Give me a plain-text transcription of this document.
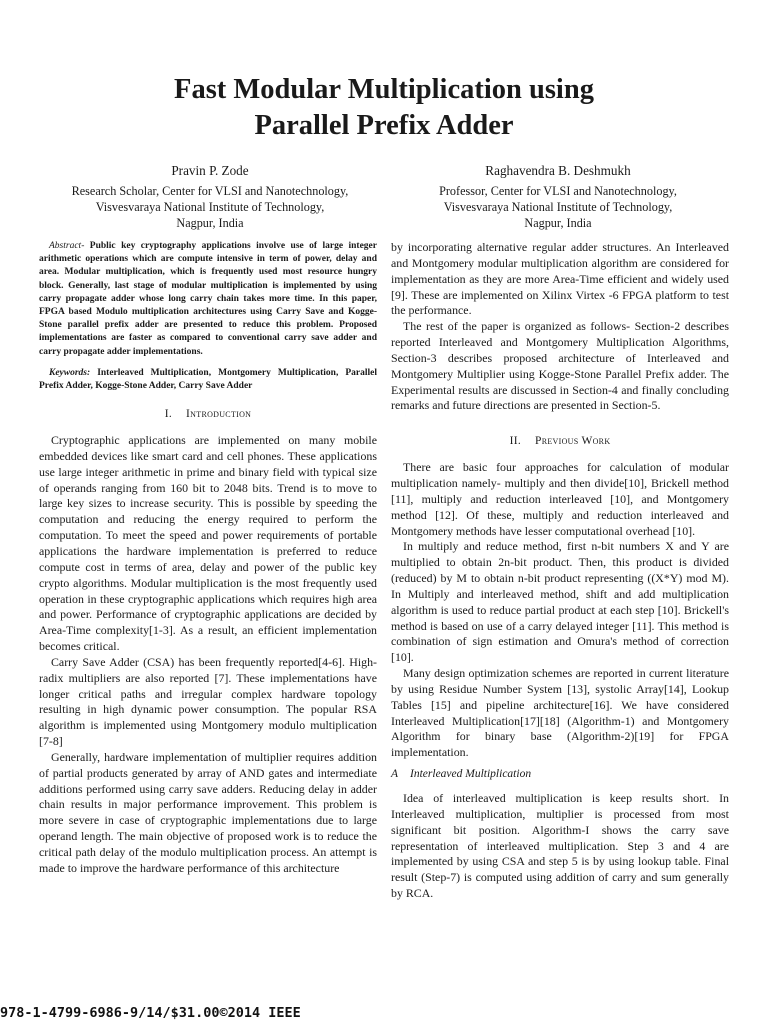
Fast Modular Multiplication using
Parallel Prefix Adder
Pravin P. Zode
Research Scholar, Center for VLSI and Nanotechnology,
Visvesvaraya National Institute of Technology,
Nagpur, India
Raghavendra B. Deshmukh
Professor, Center for VLSI and Nanotechnology,
Visvesvaraya National Institute of Technology,
Nagpur, India

Abstract- Public key cryptography applications involve use of large integer arithmetic operations which are compute intensive in term of power, delay and area. Modular multiplication, which is frequently used most resource hungry block. Generally, last stage of modular multiplication is implemented by using carry propagate adder whose long carry chain takes more time. In this paper, FPGA based Modulo multiplication architectures using Carry Save and Kogge-Stone parallel prefix adder are presented to reduce this problem. Proposed implementations are faster as compared to conventional carry save adder and carry propagate adder implementations.

Keywords: Interleaved Multiplication, Montgomery Multiplication, Parallel Prefix Adder, Kogge-Stone Adder, Carry Save Adder

I. Introduction

Cryptographic applications are implemented on many mobile embedded devices like smart card and cell phones. These applications use large integer arithmetic in prime and binary field with typical size of operands ranging from 160 bit to 2048 bits. Trend is to move to large key sizes to increase security. This is possible by speeding the computation and reducing the energy required to perform the computation. To meet the speed and power requirements of portable applications the hardware implementation is preferred to reduce compute cost in terms of area, delay and power of the public key crypto algorithms. Modular multiplication is the most frequently used operation in these cryptographic applications which requires high area and power. Performance of cryptographic applications are decided by Area-Time complexity[1-3]. As a result, an efficient implementation becomes critical.

Carry Save Adder (CSA) has been frequently reported[4-6]. High-radix multipliers are also reported [7]. These implementations have longer critical paths and irregular complex hardware topology resulting in high dynamic power consumption. The popular RSA algorithm is implemented using Montgomery modulo multiplication [7-8]

Generally, hardware implementation of multiplier requires addition of partial products generated by array of AND gates and intermediate additions performed using carry save adders. Reducing delay in adder chain results in major performance improvement. This problem is more severe in case of cryptographic implementations due to large operand length. The main objective of proposed work is to reduce the critical path delay of the modulo multiplication process. An attempt is made to improve the hardware performance of this architecture

by incorporating alternative regular adder structures. An Interleaved and Montgomery modular multiplication algorithm are considered for implementation as they are more Area-Time efficient and widely used [9]. These are implemented on Xilinx Virtex -6 FPGA platform to test the performance.

The rest of the paper is organized as follows- Section-2 describes reported Interleaved and Montgomery Multiplication Algorithms, Section-3 describes proposed architecture of Interleaved and Montgomery Multiplier using Kogge-Stone Parallel Prefix adder. The Experimental results are discussed in Section-4 and finally concluding remarks and future directions are presented in Section-5.

II. Previous Work

There are basic four approaches for calculation of modular multiplication namely- multiply and then divide[10], Brickell method [11], multiply and reduction interleaved [10], and Montgomery method [12]. Of these, multiply and reduction interleaved and Montgomery methods have lesser computational overhead [10].

In multiply and reduce method, first n-bit numbers X and Y are multiplied to obtain 2n-bit product. Then, this product is divided (reduced) by M to obtain n-bit product representing ((X*Y) mod M). In Multiply and interleaved method, shift and add multiplication algorithm is used to reduce partial product at each step [10]. Brickell's method is based on use of a carry delayed integer [11]. This method is combination of sign estimation and Omura's method of correction [10].

Many design optimization schemes are reported in current literature by using Residue Number System [13], systolic Array[14], Lookup Tables [15] and pipeline architecture[16]. We have considered Interleaved Multiplication[17][18] (Algorithm-1) and Montgomery Algorithm for binary base (Algorithm-2)[19] for FPGA implementation.

A Interleaved Multiplication

Idea of interleaved multiplication is keep results short. In Interleaved multiplication, multiplier is processed from most significant bit position. Algorithm-I shows the carry save representation of interleaved multiplication. Step 3 and 4 are implemented by using CSA and step 5 is by using lookup table. Final result (Step-7) is computed using addition of carry and sum generally by RCA.

978-1-4799-6986-9/14/$31.00©2014 IEEE
